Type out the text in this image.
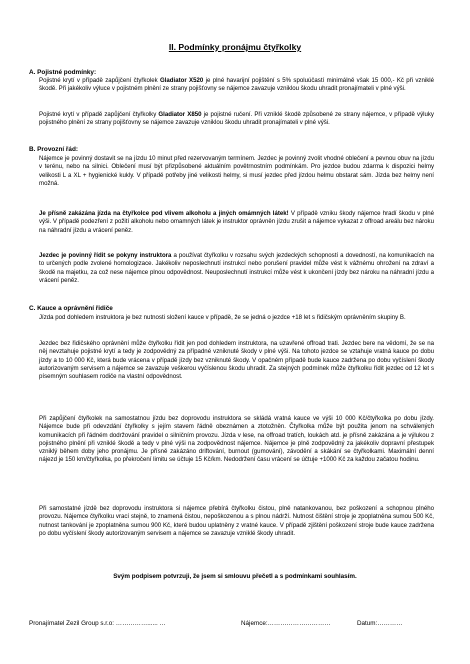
II. Podmínky pronájmu čtyřkolky
A. Pojistné podmínky:
Pojistné krytí v případě zapůjčení čtyřkolek Gladiator X520 je plné havarijní pojištění s 5% spoluúčastí minimálně však 15 000,- Kč při vzniklé škodě. Při jakékoliv výluce v pojistném plnění ze strany pojišťovny se nájemce zavazuje vzniklou škodu uhradit pronajímateli v plné výši.
Pojistné krytí v případě zapůjčení čtyřkolky Gladiator X850 je pojistné ručení. Při vzniklé škodě způsobené ze strany nájemce, v případě výluky pojistného plnění ze strany pojišťovny se nájemce zavazuje vzniklou škodu uhradit pronajímateli v plné výši.
B. Provozní řád:
Nájemce je povinný dostavit se na jízdu 10 minut před rezervovaným termínem. Jezdec je povinný zvolit vhodné oblečení a pevnou obuv na jízdu v terénu, nebo na silnici. Oblečení musí být přizpůsobené aktuálním povětrnostním podmínkám. Pro jezdce budou zdarma k dispozici helmy velikosti L a XL + hygienické kukly. V případě potřeby jiné velikosti helmy, si musí jezdec před jízdou helmu obstarat sám. Jízda bez helmy není možná.
Je přísně zakázána jízda na čtyřkolce pod vlivem alkoholu a jiných omámných látek! V případě vzniku škody nájemce hradí škodu v plné výši. V případě podezření z požití alkoholu nebo omamných látek je instruktor oprávněn jízdu zrušit a nájemce vykazat z offroad areálu bez nároku na náhradní jízdu a vrácení peněz.
Jezdec je povinný řídit se pokyny instruktora a používat čtyřkolku v rozsahu svých jezdeckých schopností a dovedností, na komunikacích na to určených podle zvolené homologizace. Jakékoliv neposlechnutí instrukcí nebo porušení pravidel může vést k vážnému ohrožení na zdraví a škodě na majetku, za což nese nájemce plnou odpovědnost. Neuposlechnutí instrukcí může vést k ukončení jízdy bez nároku na náhradní jízdu a vrácení peněz.
C. Kauce a oprávnění řidiče
Jízda pod dohledem instruktora je bez nutnosti složení kauce v případě, že se jedná o jezdce +18 let s řidičským oprávněním skupiny B.
Jezdec bez řidičského oprávnění může čtyřkolku řídit jen pod dohledem instruktora, na uzavřené offroad trati. Jezdec bere na vědomí, že se na něj nevztahuje pojistné krytí a tedy je zodpovědný za případné vzniknuté škody v plné výši. Na tohoto jezdce se vztahuje vratná kauce po dobu jízdy a to 10 000 Kč, která bude vrácena v případě jízdy bez vzniknuté škody. V opačném případě bude kauce zadržena po dobu vyčíslení škody autorizovaným servisem a nájemce se zavazuje veškerou vyčíslenou škodu uhradit. Za stejných podmínek může čtyřkolku řídit jezdec od 12 let s písemným souhlasem rodiče na vlastní odpovědnost.
Při zapůjčení čtyřkolek na samostatnou jízdu bez doprovodu instruktora se skládá vratná kauce ve výši 10 000 Kč/čtyřkolka po dobu jízdy. Nájemce bude při odevzdání čtyřkolky s jejím stavem řádně obeznámen a ztotožněn. Čtyřkolka může být použita jenom na schválených komunikacích při řádném dodržování pravidel o silničním provozu. Jízda v lese, na offroad tratích, loukách atd. je přísně zakázána a je výlukou z pojistného plnění při vzniklé škodě a tedy v plné výši na zodpovědnost nájemce. Nájemce je plně zodpovědný za jakékoliv dopravní přestupek vzniklý během doby jeho pronájmu. Je přísně zakázáno driftování, burnout (gumování), závodění a skákání se čtyřkolkami. Maximální denní nájezd je 150 km/čtyřkolka, po překročení limitu se účtuje 15 Kč/km. Nedodržení času vrácení se účtuje +1000 Kč za každou začatou hodinu.
Při samostatné jízdě bez doprovodu instruktora si nájemce přebírá čtyřkolku čistou, plně natankovanou, bez poškození a schopnou plného provozu. Nájemce čtyřkolku vrací stejně, to znamená čistou, nepoškozenou a s plnou nádrží. Nutnost čištění stroje je zpoplatněna sumou 500 Kč, nutnost tankování je zpoplatněna sumou 900 Kč, které budou uplatněny z vratné kauce. V případě zjištění poškození stroje bude kauce zadržena po dobu vyčíslení škody autorizovaným servisem a nájemce se zavazuje vzniklé škody uhradit.
Svým podpisem potvrzuji, že jsem si smlouvu přečetl a s podmínkami souhlasím.
Pronajímatel Zezil Group s.r.o: ……………...... …	Nájemce:…………………………	Datum:…………
